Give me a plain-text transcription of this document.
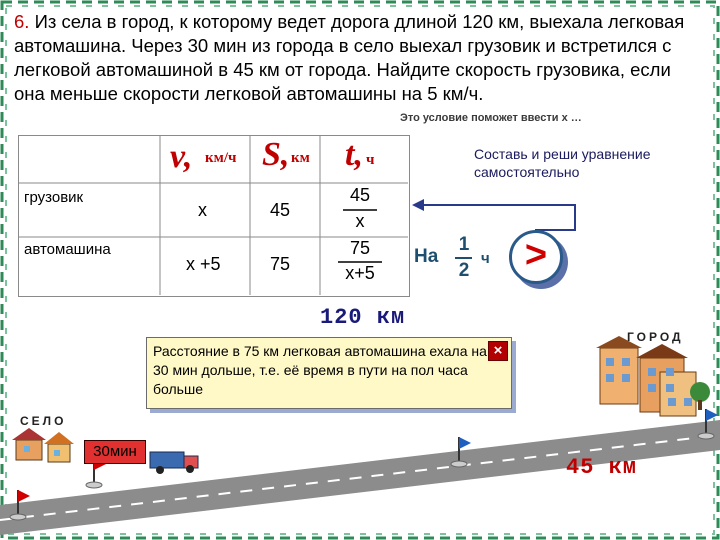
6. Из села в город, к которому ведет дорога длиной 120 км, выехала легковая автомашина. Через 30 мин из города в село выехал грузовик и встретился с легковой автомашиной в 45 км от города. Найдите скорость грузовика, если она меньше скорости легковой автомашины на 5 км/ч.
Это условие поможет ввести х …
v, км/ч S, км t, ч
грузовик
х	45
45
х
автомашина
х +5	75
75
х+5
Составь и реши уравнение самостоятельно
На
1
2
ч >
120 км
Расстояние в 75 км легковая автомашина ехала на 30 мин дольше, т.е. её время в пути на пол часа больше
×
ГОРОД
СЕЛО
30мин
45 км
